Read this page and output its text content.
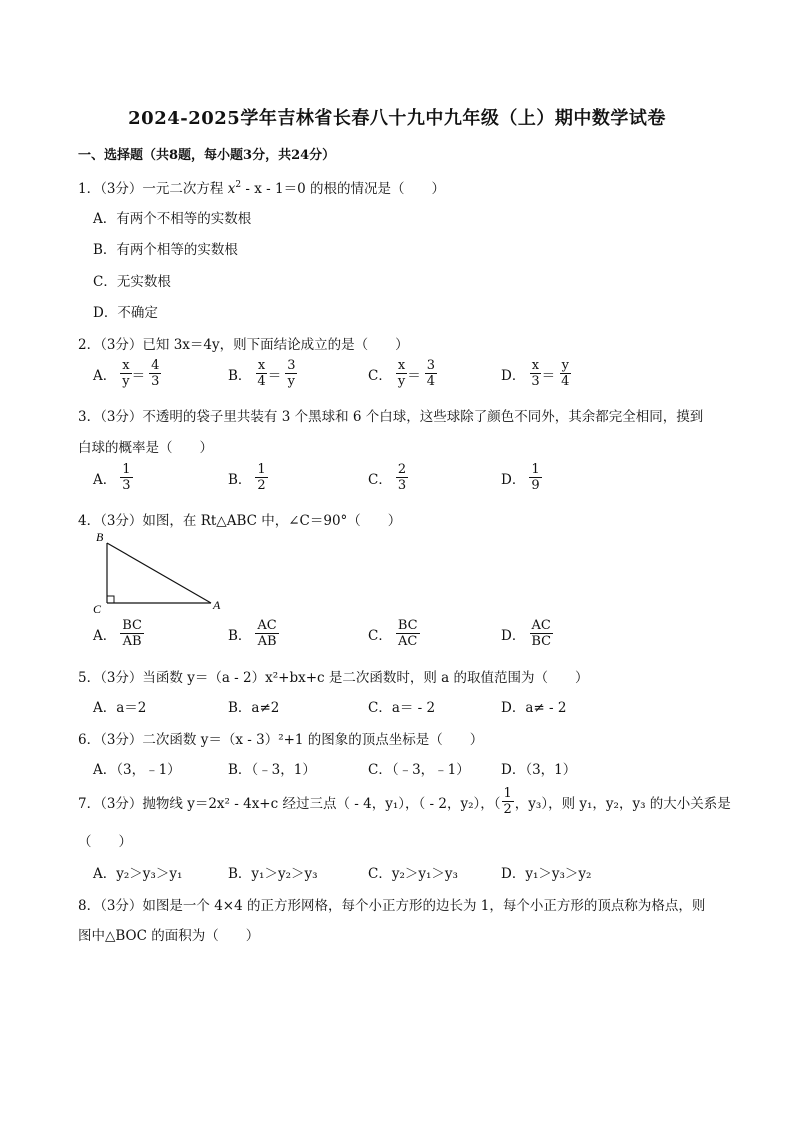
2024-2025学年吉林省长春八十九中九年级（上）期中数学试卷
一、选择题（共8题，每小题3分，共24分）
1．（3分）一元二次方程 $x^2 - x - 1=0$ 的根的情况是（　　）
A．有两个不相等的实数根
B．有两个相等的实数根
C．无实数根
D．不确定
2．（3分）已知 3x＝4y，则下面结论成立的是（　　）
A． $\frac{x}{y} = \frac{4}{3}$	B． $\frac{x}{4} = \frac{3}{y}$	C． $\frac{x}{y} = \frac{3}{4}$	D． $\frac{x}{3} = \frac{y}{4}$
3．（3分）不透明的袋子里共装有 3 个黑球和 6 个白球，这些球除了颜色不同外，其余都完全相同，摸到
白球的概率是（　　）
A． $\frac{1}{3}$	B． $\frac{1}{2}$	C． $\frac{2}{3}$	D． $\frac{1}{9}$
4．（3分）如图，在 Rt△ABC 中，∠C＝90°（　　）
B
C	A
A． $\frac{BC}{AB}$	B． $\frac{AC}{AB}$	C． $\frac{BC}{AC}$	D． $\frac{AC}{BC}$
5．（3分）当函数 y＝（a - 2）x²+bx+c 是二次函数时，则 a 的取值范围为（　　）
A．a＝2	B．a≠2	C．a＝ - 2	D．a≠ - 2
6．（3分）二次函数 y＝（x - 3）²+1 的图象的顶点坐标是（　　）
A．（3，﹣1）	B．（﹣3，1）	C．（﹣3，﹣1） D．（3，1）
7．（3分）抛物线 y＝2x² - 4x+c 经过三点（ - 4，y₁），（ - 2，y₂），（ $\frac{1}{2}$ ，y₃），则 y₁，y₂，y₃ 的大小关系是
（　　）
A．y₂＞y₃＞y₁	B．y₁＞y₂＞y₃	C．y₂＞y₁＞y₃	D．y₁＞y₃＞y₂
8．（3分）如图是一个 4×4 的正方形网格，每个小正方形的边长为 1，每个小正方形的顶点称为格点，则
图中△BOC 的面积为（　　）
